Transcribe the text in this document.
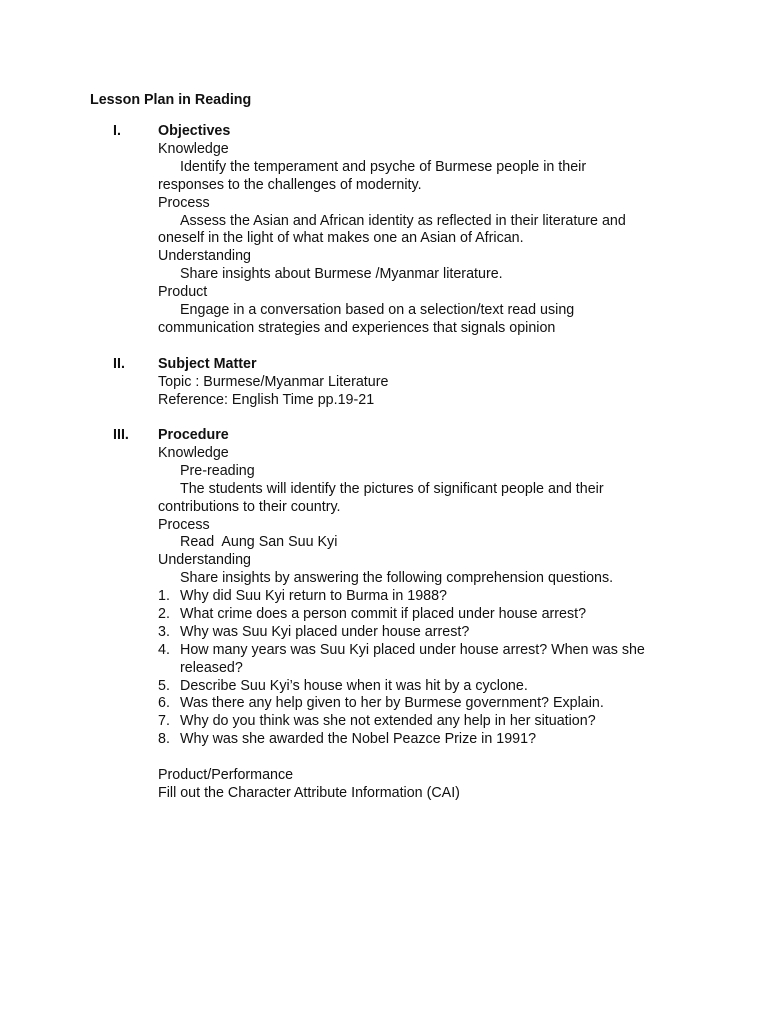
Lesson Plan in Reading
I.	Objectives
Knowledge
Identify the temperament and psyche of Burmese people in their responses to the challenges of modernity.
Process
Assess the Asian and African identity as reflected in their literature and oneself in the light of what makes one an Asian of African.
Understanding
Share insights about Burmese /Myanmar literature.
Product
Engage in a conversation based on a selection/text read using communication strategies and experiences that signals opinion
II. Subject Matter
Topic : Burmese/Myanmar Literature
Reference: English Time pp.19-21
III. Procedure
Knowledge
Pre-reading
The students will identify the pictures of significant people and their contributions to their country.
Process
Read  Aung San Suu Kyi
Understanding
Share insights by answering the following comprehension questions.
1. Why did Suu Kyi return to Burma in 1988?
2. What crime does a person commit if placed under house arrest?
3. Why was Suu Kyi placed under house arrest?
4. How many years was Suu Kyi placed under house arrest? When was she released?
5. Describe Suu Kyi’s house when it was hit by a cyclone.
6. Was there any help given to her by Burmese government? Explain.
7. Why do you think was she not extended any help in her situation?
8. Why was she awarded the Nobel Peazce Prize in 1991?
Product/Performance
Fill out the Character Attribute Information (CAI)
